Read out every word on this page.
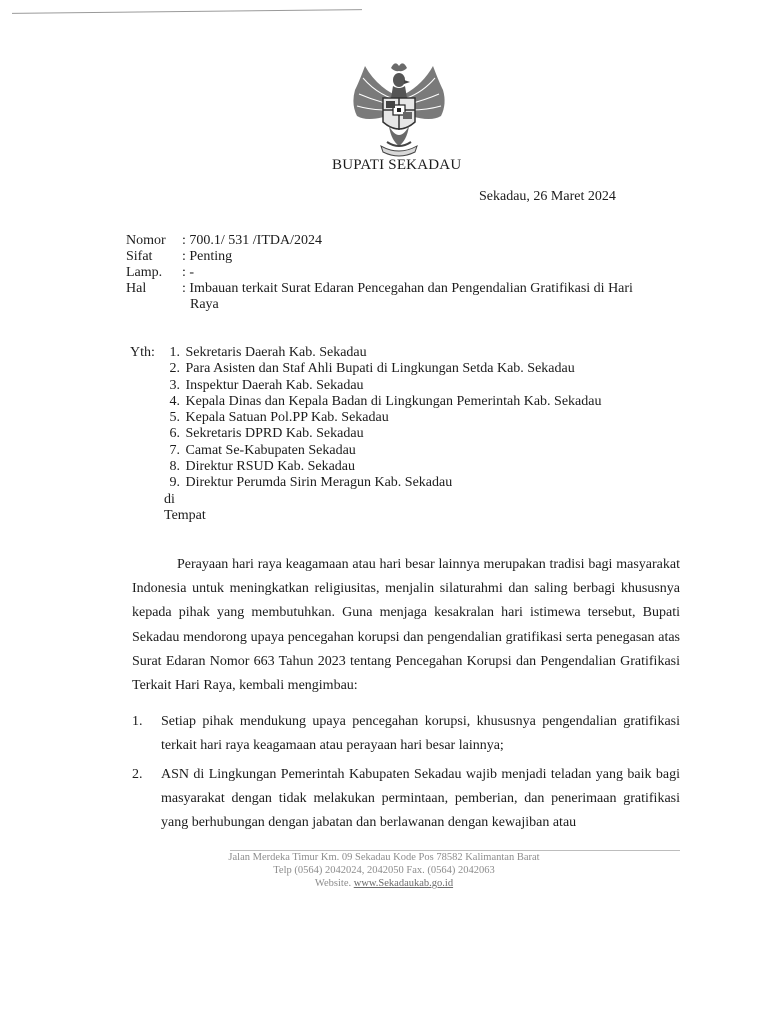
BUPATI SEKADAU
Sekadau, 26 Maret 2024
Nomor	: 700.1/ 531 /ITDA/2024
Sifat	: Penting
Lamp.	: -
Hal	: Imbauan terkait Surat Edaran Pencegahan dan Pengendalian Gratifikasi di Hari
Raya
Yth:	1. Sekretaris Daerah Kab. Sekadau
2. Para Asisten dan Staf Ahli Bupati di Lingkungan Setda Kab. Sekadau
3. Inspektur Daerah Kab. Sekadau
4. Kepala Dinas dan Kepala Badan di Lingkungan Pemerintah Kab. Sekadau
5. Kepala Satuan Pol.PP Kab. Sekadau
6. Sekretaris DPRD Kab. Sekadau
7. Camat Se-Kabupaten Sekadau
8. Direktur RSUD Kab. Sekadau
9. Direktur Perumda Sirin Meragun Kab. Sekadau
di
Tempat

Perayaan hari raya keagamaan atau hari besar lainnya merupakan tradisi bagi masyarakat Indonesia untuk meningkatkan religiusitas, menjalin silaturahmi dan saling berbagi khususnya kepada pihak yang membutuhkan. Guna menjaga kesakralan hari istimewa tersebut, Bupati Sekadau mendorong upaya pencegahan korupsi dan pengendalian gratifikasi serta penegasan atas Surat Edaran Nomor 663 Tahun 2023 tentang Pencegahan Korupsi dan Pengendalian Gratifikasi Terkait Hari Raya, kembali mengimbau:

1. Setiap pihak mendukung upaya pencegahan korupsi, khususnya pengendalian gratifikasi terkait hari raya keagamaan atau perayaan hari besar lainnya;
2. ASN di Lingkungan Pemerintah Kabupaten Sekadau wajib menjadi teladan yang baik bagi masyarakat dengan tidak melakukan permintaan, pemberian, dan penerimaan gratifikasi yang berhubungan dengan jabatan dan berlawanan dengan kewajiban atau
Jalan Merdeka Timur Km. 09 Sekadau Kode Pos 78582 Kalimantan Barat
Telp (0564) 2042024, 2042050 Fax. (0564) 2042063
Website. www.Sekadaukab.go.id
